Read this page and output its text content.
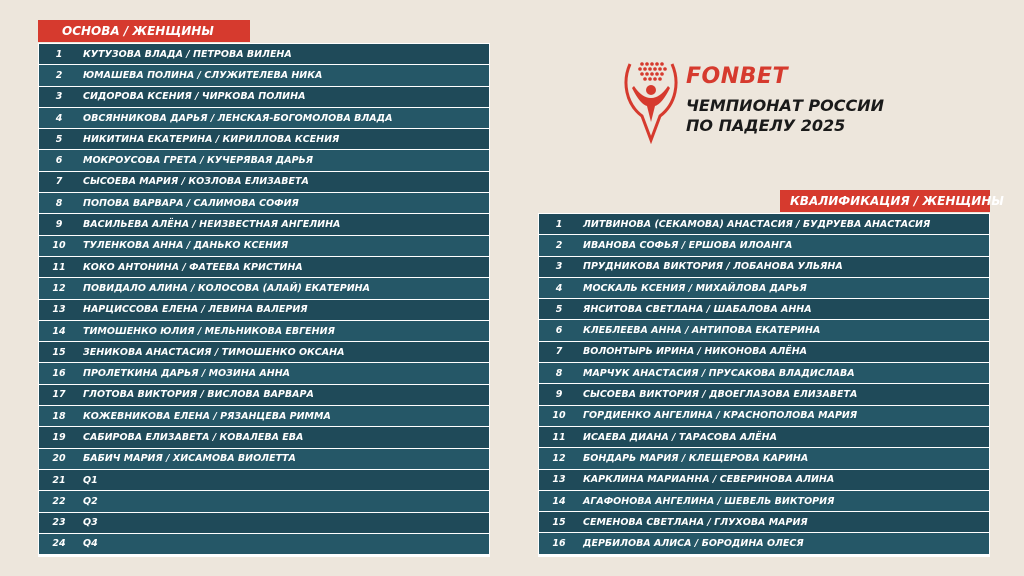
ОСНОВА / ЖЕНЩИНЫ
1	КУТУЗОВА ВЛАДА / ПЕТРОВА ВИЛЕНА
2	ЮМАШЕВА ПОЛИНА / СЛУЖИТЕЛЕВА НИКА
3	СИДОРОВА КСЕНИЯ / ЧИРКОВА ПОЛИНА
4	ОВСЯННИКОВА ДАРЬЯ / ЛЕНСКАЯ-БОГОМОЛОВА ВЛАДА
5	НИКИТИНА ЕКАТЕРИНА / КИРИЛЛОВА КСЕНИЯ
6	МОКРОУСОВА ГРЕТА / КУЧЕРЯВАЯ ДАРЬЯ
7	СЫСОЕВА МАРИЯ / КОЗЛОВА ЕЛИЗАВЕТА
8	ПОПОВА ВАРВАРА / САЛИМОВА СОФИЯ
9	ВАСИЛЬЕВА АЛЁНА / НЕИЗВЕСТНАЯ АНГЕЛИНА
10	ТУЛЕНКОВА АННА / ДАНЬКО КСЕНИЯ
11	КОКО АНТОНИНА / ФАТЕЕВА КРИСТИНА
12	ПОВИДАЛО АЛИНА / КОЛОСОВА (АЛАЙ) ЕКАТЕРИНА
13	НАРЦИССОВА ЕЛЕНА / ЛЕВИНА ВАЛЕРИЯ
14	ТИМОШЕНКО ЮЛИЯ / МЕЛЬНИКОВА ЕВГЕНИЯ
15	ЗЕНИКОВА АНАСТАСИЯ / ТИМОШЕНКО ОКСАНА
16	ПРОЛЕТКИНА ДАРЬЯ / МОЗИНА АННА
17	ГЛОТОВА ВИКТОРИЯ / ВИСЛОВА ВАРВАРА
18	КОЖЕВНИКОВА ЕЛЕНА / РЯЗАНЦЕВА РИММА
19	САБИРОВА ЕЛИЗАВЕТА / КОВАЛЕВА ЕВА
20	БАБИЧ МАРИЯ / ХИСАМОВА ВИОЛЕТТА
21	Q1
22	Q2
23	Q3
24	Q4
FONBET
ЧЕМПИОНАТ РОССИИ
ПО ПАДЕЛУ 2025
КВАЛИФИКАЦИЯ / ЖЕНЩИНЫ
1	ЛИТВИНОВА (СЕКАМОВА) АНАСТАСИЯ / БУДРУЕВА АНАСТАСИЯ
2	ИВАНОВА СОФЬЯ / ЕРШОВА ИЛОАНГА
3	ПРУДНИКОВА ВИКТОРИЯ / ЛОБАНОВА УЛЬЯНА
4	МОСКАЛЬ КСЕНИЯ / МИХАЙЛОВА ДАРЬЯ
5	ЯНСИТОВА СВЕТЛАНА / ШАБАЛОВА АННА
6	КЛЕБЛЕЕВА АННА / АНТИПОВА ЕКАТЕРИНА
7	ВОЛОНТЫРЬ ИРИНА / НИКОНОВА АЛЁНА
8	МАРЧУК АНАСТАСИЯ / ПРУСАКОВА ВЛАДИСЛАВА
9	СЫСОЕВА ВИКТОРИЯ / ДВОЕГЛАЗОВА ЕЛИЗАВЕТА
10	ГОРДИЕНКО АНГЕЛИНА / КРАСНОПОЛОВА МАРИЯ
11	ИСАЕВА ДИАНА / ТАРАСОВА АЛЁНА
12	БОНДАРЬ МАРИЯ / КЛЕЩЕРОВА КАРИНА
13	КАРКЛИНА МАРИАННА / СЕВЕРИНОВА АЛИНА
14	АГАФОНОВА АНГЕЛИНА / ШЕВЕЛЬ ВИКТОРИЯ
15	СЕМЕНОВА СВЕТЛАНА / ГЛУХОВА МАРИЯ
16	ДЕРБИЛОВА АЛИСА / БОРОДИНА ОЛЕСЯ
